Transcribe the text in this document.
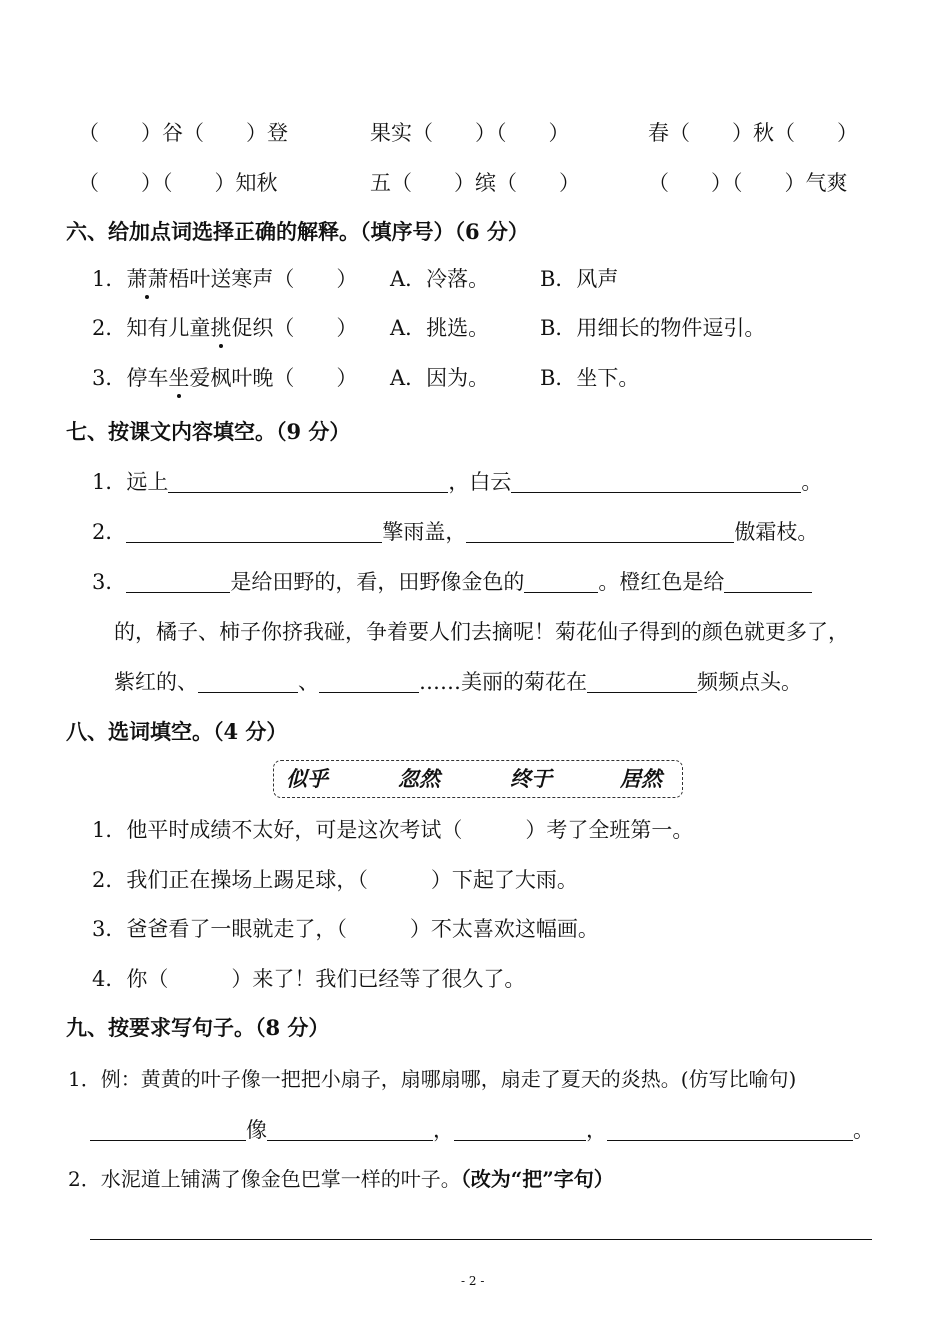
（　　）谷（　　）登	果实（　　）（　　）	春（　　）秋（　　）
（　　）（　　）知秋	五（　　）缤（　　）	（　　）（　　）气爽
六、给加点词选择正确的解释。（填序号）（6 分）
1．萧萧梧叶送寒声（　　） A．冷落。 B．风声
2．知有儿童挑促织（　　） A．挑选。 B．用细长的物件逗引。
3．停车坐爱枫叶晚（　　） A．因为。 B．坐下。
七、按课文内容填空。（9 分）
1．远上	，白云	。
2．	擎雨盖，	傲霜枝。
3．	是给田野的，看，田野像金色的	。橙红色是给
的，橘子、柿子你挤我碰，争着要人们去摘呢！菊花仙子得到的颜色就更多了，
紫红的、	、	……美丽的菊花在	频频点头。
八、选词填空。（4 分）
似乎	忽然	终于	居然
1．他平时成绩不太好，可是这次考试（　　　）考了全班第一。
2．我们正在操场上踢足球，（　　　）下起了大雨。
3．爸爸看了一眼就走了，（　　　）不太喜欢这幅画。
4．你（　　　）来了！我们已经等了很久了。
九、按要求写句子。（8 分）
1．例：黄黄的叶子像一把把小扇子，扇哪扇哪，扇走了夏天的炎热。(仿写比喻句)
像	，	，	。
2．水泥道上铺满了像金色巴掌一样的叶子。（改为“把”字句）
- 2 -
